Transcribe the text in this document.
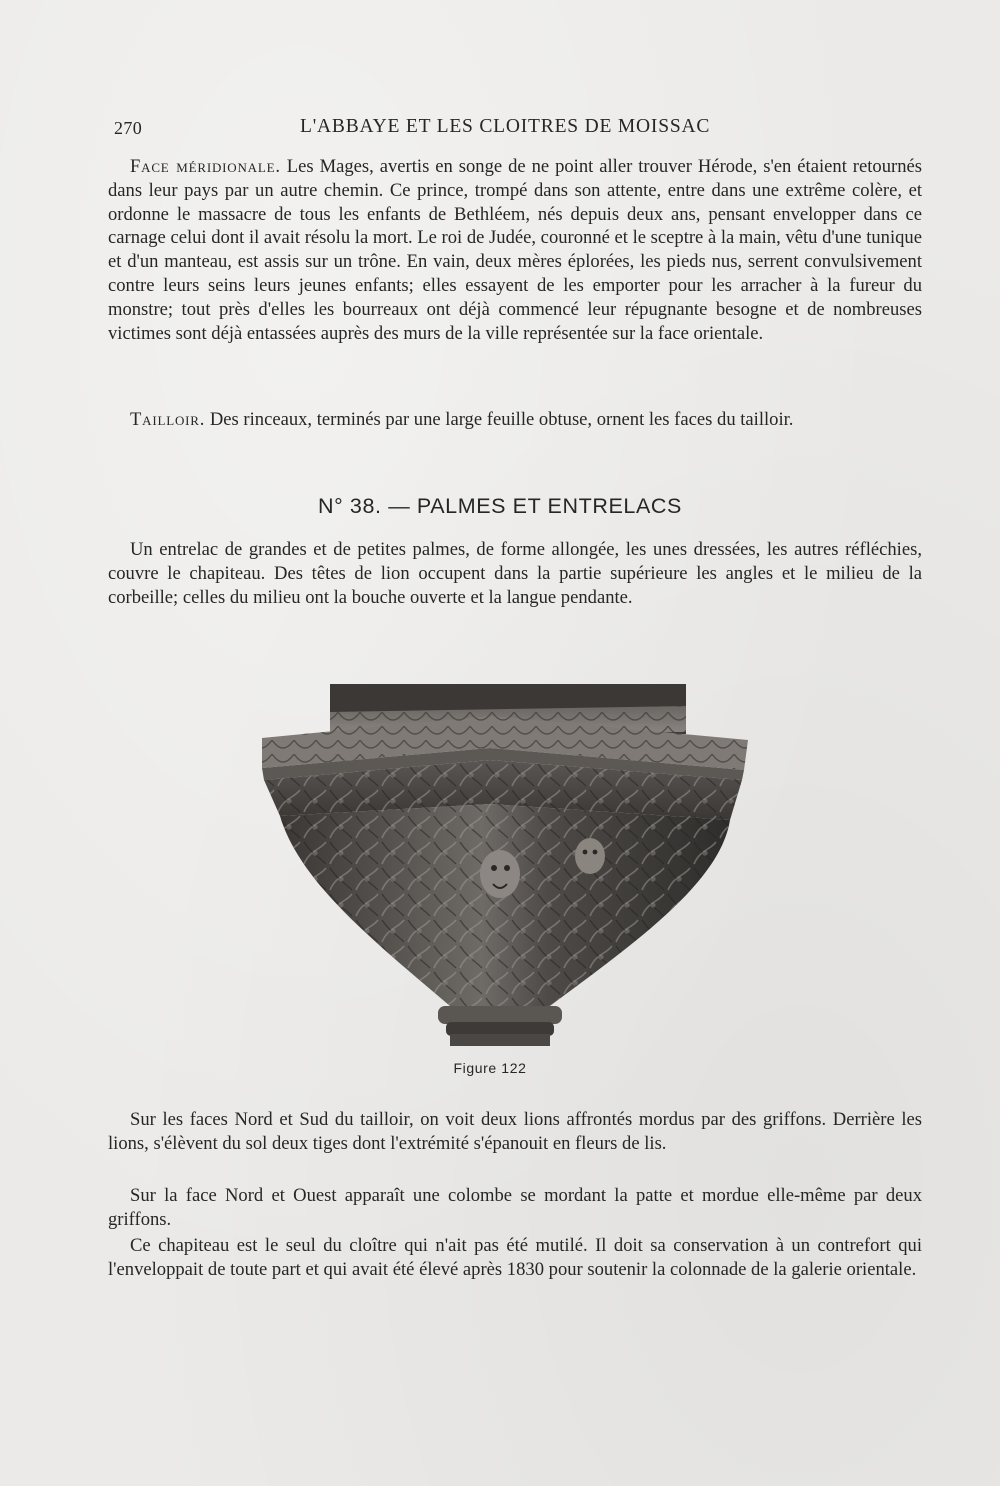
270	L'ABBAYE ET LES CLOITRES DE MOISSAC

Face méridionale. Les Mages, avertis en songe de ne point aller trouver Hérode, s'en étaient retournés dans leur pays par un autre chemin. Ce prince, trompé dans son attente, entre dans une extrême colère, et ordonne le massacre de tous les enfants de Bethléem, nés depuis deux ans, pensant envelopper dans ce carnage celui dont il avait résolu la mort. Le roi de Judée, couronné et le sceptre à la main, vêtu d'une tunique et d'un manteau, est assis sur un trône. En vain, deux mères éplorées, les pieds nus, serrent convulsivement contre leurs seins leurs jeunes enfants; elles essayent de les emporter pour les arracher à la fureur du monstre; tout près d'elles les bourreaux ont déjà commencé leur répugnante besogne et de nombreuses victimes sont déjà entassées auprès des murs de la ville représentée sur la face orientale.

Tailloir. Des rinceaux, terminés par une large feuille obtuse, ornent les faces du tailloir.

N° 38. — PALMES ET ENTRELACS

Un entrelac de grandes et de petites palmes, de forme allongée, les unes dressées, les autres réfléchies, couvre le chapiteau. Des têtes de lion occupent dans la partie supérieure les angles et le milieu de la corbeille; celles du milieu ont la bouche ouverte et la langue pendante.

Figure 122

Sur les faces Nord et Sud du tailloir, on voit deux lions affrontés mordus par des griffons. Derrière les lions, s'élèvent du sol deux tiges dont l'extrémité s'épanouit en fleurs de lis.

Sur la face Nord et Ouest apparaît une colombe se mordant la patte et mordue elle-même par deux griffons.

Ce chapiteau est le seul du cloître qui n'ait pas été mutilé. Il doit sa conservation à un contrefort qui l'enveloppait de toute part et qui avait été élevé après 1830 pour soutenir la colonnade de la galerie orientale.
